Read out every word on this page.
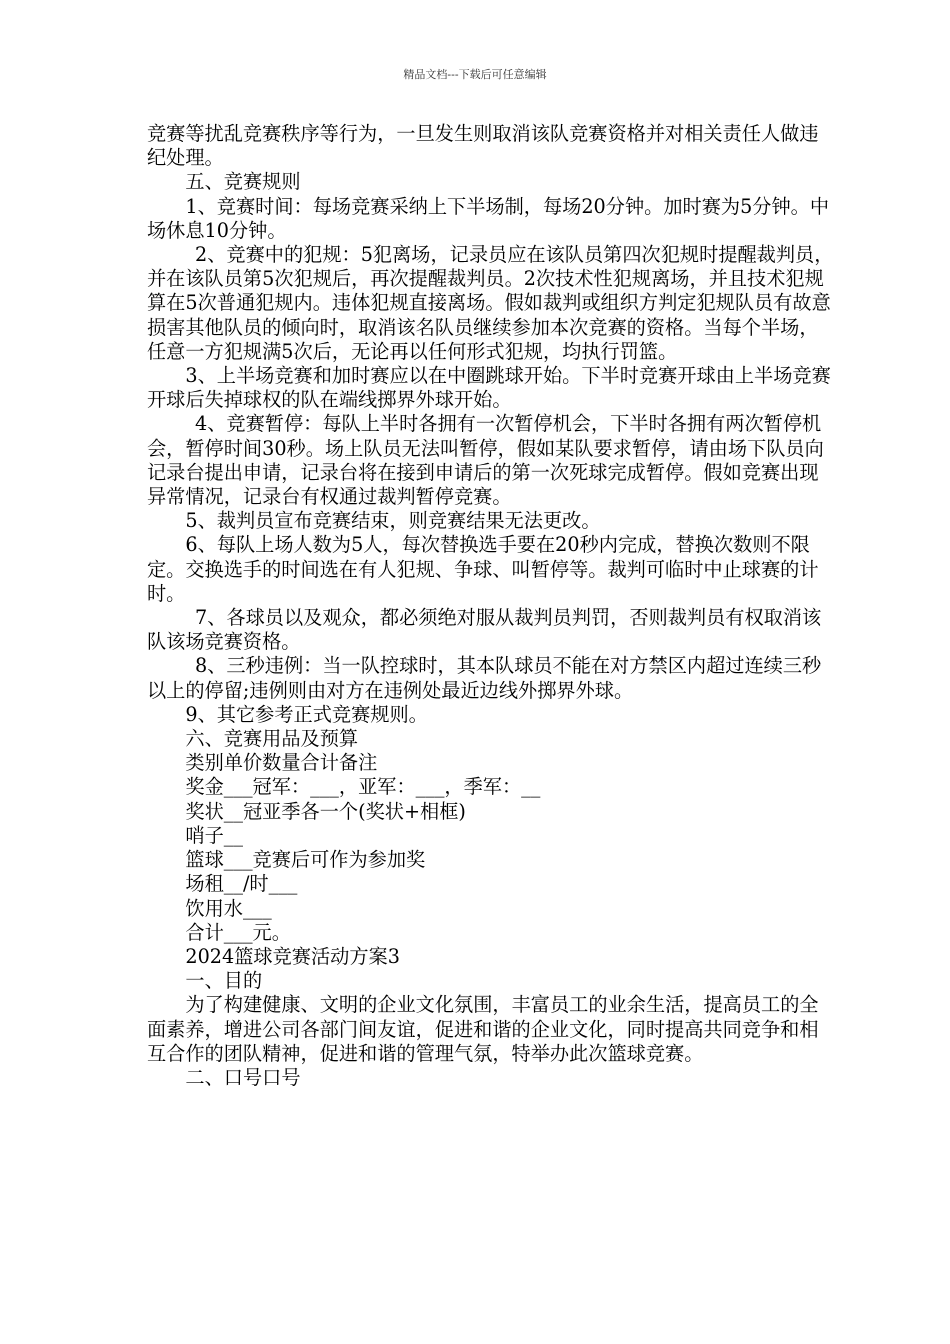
精品文档---下载后可任意编辑

竞赛等扰乱竞赛秩序等行为，一旦发生则取消该队竞赛资格并对相关责任人做违纪处理。

五、竞赛规则

1、竞赛时间：每场竞赛采纳上下半场制，每场20分钟。加时赛为5分钟。中场休息10分钟。

2、竞赛中的犯规：5犯离场，记录员应在该队员第四次犯规时提醒裁判员，并在该队员第5次犯规后，再次提醒裁判员。2次技术性犯规离场，并且技术犯规算在5次普通犯规内。违体犯规直接离场。假如裁判或组织方判定犯规队员有故意损害其他队员的倾向时，取消该名队员继续参加本次竞赛的资格。当每个半场，任意一方犯规满5次后，无论再以任何形式犯规，均执行罚篮。

3、上半场竞赛和加时赛应以在中圈跳球开始。下半时竞赛开球由上半场竞赛开球后失掉球权的队在端线掷界外球开始。

4、竞赛暂停：每队上半时各拥有一次暂停机会，下半时各拥有两次暂停机会，暂停时间30秒。场上队员无法叫暂停，假如某队要求暂停，请由场下队员向记录台提出申请，记录台将在接到申请后的第一次死球完成暂停。假如竞赛出现异常情况，记录台有权通过裁判暂停竞赛。

5、裁判员宣布竞赛结束，则竞赛结果无法更改。

6、每队上场人数为5人，每次替换选手要在20秒内完成，替换次数则不限定。交换选手的时间选在有人犯规、争球、叫暂停等。裁判可临时中止球赛的计时。

7、各球员以及观众，都必须绝对服从裁判员判罚，否则裁判员有权取消该队该场竞赛资格。

8、三秒违例：当一队控球时，其本队球员不能在对方禁区内超过连续三秒以上的停留;违例则由对方在违例处最近边线外掷界外球。

9、其它参考正式竞赛规则。

六、竞赛用品及预算

类别单价数量合计备注

奖金___冠军：___，亚军：___，季军：__

奖状__冠亚季各一个(奖状+相框)

哨子__

篮球___竞赛后可作为参加奖

场租__/时___

饮用水___

合计___元。

2024篮球竞赛活动方案3

一、目的

为了构建健康、文明的企业文化氛围，丰富员工的业余生活，提高员工的全面素养，增进公司各部门间友谊，促进和谐的企业文化，同时提高共同竞争和相互合作的团队精神，促进和谐的管理气氛，特举办此次篮球竞赛。

二、口号口号
